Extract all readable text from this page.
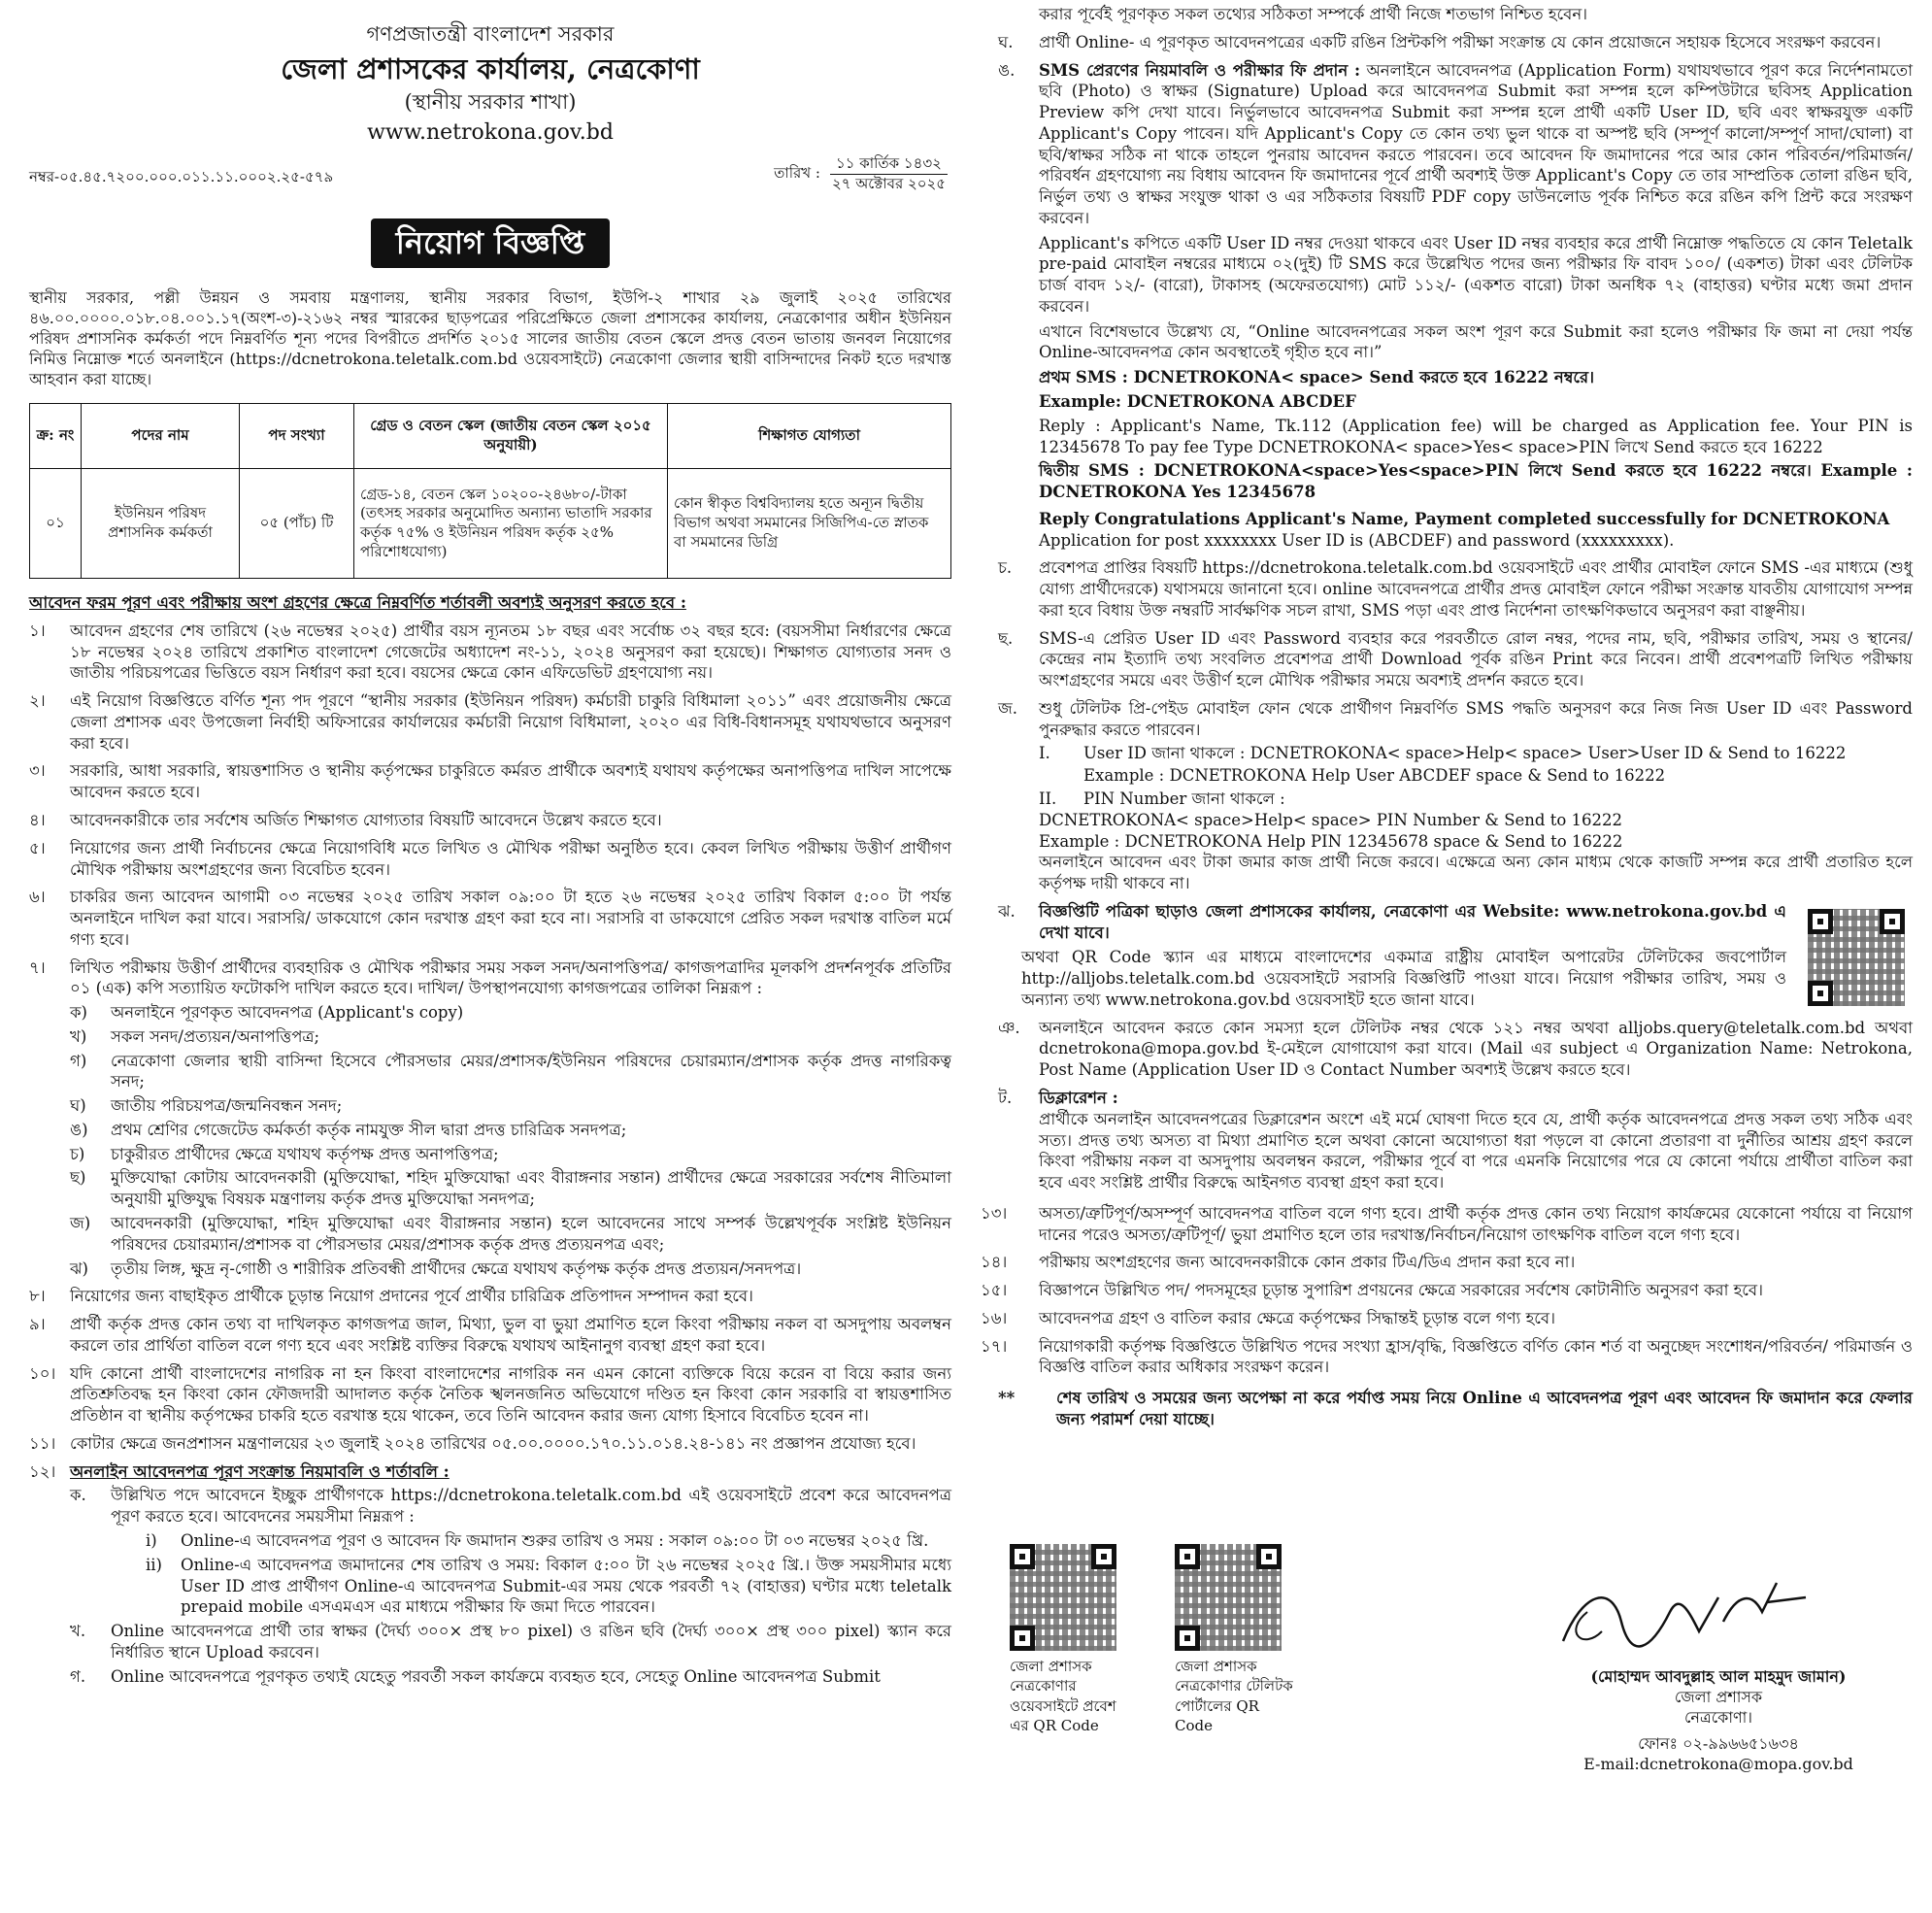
গণপ্রজাতন্ত্রী বাংলাদেশ সরকার
জেলা প্রশাসকের কার্যালয়, নেত্রকোণা
(স্থানীয় সরকার শাখা)
www.netrokona.gov.bd
নম্বর-০৫.৪৫.৭২০০.০০০.০১১.১১.০০০২.২৫-৫৭৯	তারিখ :
১১ কার্তিক ১৪৩২
২৭ অক্টোবর ২০২৫
নিয়োগ বিজ্ঞপ্তি

স্থানীয় সরকার, পল্লী উন্নয়ন ও সমবায় মন্ত্রণালয়, স্থানীয় সরকার বিভাগ, ইউপি-২ শাখার ২৯ জুলাই ২০২৫ তারিখের ৪৬.০০.০০০০.০১৮.০৪.০০১.১৭(অংশ-৩)-২১৬২ নম্বর স্মারকের ছাড়পত্রের পরিপ্রেক্ষিতে জেলা প্রশাসকের কার্যালয়, নেত্রকোণার অধীন ইউনিয়ন পরিষদ প্রশাসনিক কর্মকর্তা পদে নিম্নবর্ণিত শূন্য পদের বিপরীতে প্রদর্শিত ২০১৫ সালের জাতীয় বেতন স্কেলে প্রদত্ত বেতন ভাতায় জনবল নিয়োগের নিমিত্ত নিম্নোক্ত শর্তে অনলাইনে (https://dcnetrokona.teletalk.com.bd ওয়েবসাইটে) নেত্রকোণা জেলার স্থায়ী বাসিন্দাদের নিকট হতে দরখাস্ত আহবান করা যাচ্ছে।

ক্র: নং	পদের নাম	পদ সংখ্যা	গ্রেড ও বেতন স্কেল (জাতীয় বেতন স্কেল ২০১৫ অনুযায়ী)	শিক্ষাগত যোগ্যতা
০১	ইউনিয়ন পরিষদ প্রশাসনিক কর্মকর্তা	০৫ (পাঁচ) টি	গ্রেড-১৪, বেতন স্কেল ১০২০০-২৪৬৮০/-টাকা (তৎসহ সরকার অনুমোদিত অন্যান্য ভাতাদি সরকার কর্তৃক ৭৫% ও ইউনিয়ন পরিষদ কর্তৃক ২৫% পরিশোধযোগ্য)	কোন স্বীকৃত বিশ্ববিদ্যালয় হতে অন্যূন দ্বিতীয় বিভাগ অথবা সমমানের সিজিপিএ-তে স্নাতক বা সমমানের ডিগ্রি
আবেদন ফরম পূরণ এবং পরীক্ষায় অংশ গ্রহণের ক্ষেত্রে নিম্নবর্ণিত শর্তাবলী অবশ্যই অনুসরণ করতে হবে :
১।	আবেদন গ্রহণের শেষ তারিখে (২৬ নভেম্বর ২০২৫) প্রার্থীর বয়স ন্যূনতম ১৮ বছর এবং সর্বোচ্চ ৩২ বছর হবে: (বয়সসীমা নির্ধারণের ক্ষেত্রে ১৮ নভেম্বর ২০২৪ তারিখে প্রকাশিত বাংলাদেশ গেজেটের অধ্যাদেশ নং-১১, ২০২৪ অনুসরণ করা হয়েছে)। শিক্ষাগত যোগ্যতার সনদ ও জাতীয় পরিচয়পত্রের ভিত্তিতে বয়স নির্ধারণ করা হবে। বয়সের ক্ষেত্রে কোন এফিডেভিট গ্রহণযোগ্য নয়।
২।	এই নিয়োগ বিজ্ঞপ্তিতে বর্ণিত শূন্য পদ পূরণে “স্থানীয় সরকার (ইউনিয়ন পরিষদ) কর্মচারী চাকুরি বিধিমালা ২০১১” এবং প্রয়োজনীয় ক্ষেত্রে জেলা প্রশাসক এবং উপজেলা নির্বাহী অফিসারের কার্যালয়ের কর্মচারী নিয়োগ বিধিমালা, ২০২০ এর বিধি-বিধানসমূহ যথাযথভাবে অনুসরণ করা হবে।
৩।	সরকারি, আধা সরকারি, স্বায়ত্তশাসিত ও স্থানীয় কর্তৃপক্ষের চাকুরিতে কর্মরত প্রার্থীকে অবশ্যই যথাযথ কর্তৃপক্ষের অনাপত্তিপত্র দাখিল সাপেক্ষে আবেদন করতে হবে।
৪।	আবেদনকারীকে তার সর্বশেষ অর্জিত শিক্ষাগত যোগ্যতার বিষয়টি আবেদনে উল্লেখ করতে হবে।
৫।	নিয়োগের জন্য প্রার্থী নির্বাচনের ক্ষেত্রে নিয়োগবিধি মতে লিখিত ও মৌখিক পরীক্ষা অনুষ্ঠিত হবে। কেবল লিখিত পরীক্ষায় উত্তীর্ণ প্রার্থীগণ মৌখিক পরীক্ষায় অংশগ্রহণের জন্য বিবেচিত হবেন।
৬।	চাকরির জন্য আবেদন আগামী ০৩ নভেম্বর ২০২৫ তারিখ সকাল ০৯:০০ টা হতে ২৬ নভেম্বর ২০২৫ তারিখ বিকাল ৫:০০ টা পর্যন্ত অনলাইনে দাখিল করা যাবে। সরাসরি/ ডাকযোগে কোন দরখাস্ত গ্রহণ করা হবে না। সরাসরি বা ডাকযোগে প্রেরিত সকল দরখাস্ত বাতিল মর্মে গণ্য হবে।
৭।	লিখিত পরীক্ষায় উত্তীর্ণ প্রার্থীদের ব্যবহারিক ও মৌখিক পরীক্ষার সময় সকল সনদ/অনাপত্তিপত্র/ কাগজপত্রাদির মূলকপি প্রদর্শনপূর্বক প্রতিটির ০১ (এক) কপি সত্যায়িত ফটোকপি দাখিল করতে হবে। দাখিল/ উপস্থাপনযোগ্য কাগজপত্রের তালিকা নিম্নরূপ :
ক)	অনলাইনে পূরণকৃত আবেদনপত্র (Applicant's copy)
খ)	সকল সনদ/প্রত্যয়ন/অনাপত্তিপত্র;
গ)	নেত্রকোণা জেলার স্থায়ী বাসিন্দা হিসেবে পৌরসভার মেয়র/প্রশাসক/ইউনিয়ন পরিষদের চেয়ারম্যান/প্রশাসক কর্তৃক প্রদত্ত নাগরিকত্ব সনদ;
ঘ)	জাতীয় পরিচয়পত্র/জন্মনিবন্ধন সনদ;
ঙ)	প্রথম শ্রেণির গেজেটেড কর্মকর্তা কর্তৃক নামযুক্ত সীল দ্বারা প্রদত্ত চারিত্রিক সনদপত্র;
চ)	চাকুরীরত প্রার্থীদের ক্ষেত্রে যথাযথ কর্তৃপক্ষ প্রদত্ত অনাপত্তিপত্র;
ছ)	মুক্তিযোদ্ধা কোটায় আবেদনকারী (মুক্তিযোদ্ধা, শহিদ মুক্তিযোদ্ধা এবং বীরাঙ্গনার সন্তান) প্রার্থীদের ক্ষেত্রে সরকারের সর্বশেষ নীতিমালা অনুযায়ী মুক্তিযুদ্ধ বিষয়ক মন্ত্রণালয় কর্তৃক প্রদত্ত মুক্তিযোদ্ধা সনদপত্র;
জ)	আবেদনকারী (মুক্তিযোদ্ধা, শহিদ মুক্তিযোদ্ধা এবং বীরাঙ্গনার সন্তান) হলে আবেদনের সাথে সম্পর্ক উল্লেখপূর্বক সংশ্লিষ্ট ইউনিয়ন পরিষদের চেয়ারম্যান/প্রশাসক বা পৌরসভার মেয়র/প্রশাসক কর্তৃক প্রদত্ত প্রত্যয়নপত্র এবং;
ঝ)	তৃতীয় লিঙ্গ, ক্ষুদ্র নৃ-গোষ্ঠী ও শারীরিক প্রতিবন্ধী প্রার্থীদের ক্ষেত্রে যথাযথ কর্তৃপক্ষ কর্তৃক প্রদত্ত প্রত্যয়ন/সনদপত্র।
৮।	নিয়োগের জন্য বাছাইকৃত প্রার্থীকে চূড়ান্ত নিয়োগ প্রদানের পূর্বে প্রার্থীর চারিত্রিক প্রতিপাদন সম্পাদন করা হবে।
৯।	প্রার্থী কর্তৃক প্রদত্ত কোন তথ্য বা দাখিলকৃত কাগজপত্র জাল, মিথ্যা, ভুল বা ভুয়া প্রমাণিত হলে কিংবা পরীক্ষায় নকল বা অসদুপায় অবলম্বন করলে তার প্রার্থিতা বাতিল বলে গণ্য হবে এবং সংশ্লিষ্ট ব্যক্তির বিরুদ্ধে যথাযথ আইনানুগ ব্যবস্থা গ্রহণ করা হবে।
১০। যদি কোনো প্রার্থী বাংলাদেশের নাগরিক না হন কিংবা বাংলাদেশের নাগরিক নন এমন কোনো ব্যক্তিকে বিয়ে করেন বা বিয়ে করার জন্য প্রতিশ্রুতিবদ্ধ হন কিংবা কোন ফৌজদারী আদালত কর্তৃক নৈতিক স্খলনজনিত অভিযোগে দণ্ডিত হন কিংবা কোন সরকারি বা স্বায়ত্তশাসিত প্রতিষ্ঠান বা স্থানীয় কর্তৃপক্ষের চাকরি হতে বরখাস্ত হয়ে থাকেন, তবে তিনি আবেদন করার জন্য যোগ্য হিসাবে বিবেচিত হবেন না।
১১। কোটার ক্ষেত্রে জনপ্রশাসন মন্ত্রণালয়ের ২৩ জুলাই ২০২৪ তারিখের ০৫.০০.০০০০.১৭০.১১.০১৪.২৪-১৪১ নং প্রজ্ঞাপন প্রযোজ্য হবে।
১২। অনলাইন আবেদনপত্র পূরণ সংক্রান্ত নিয়মাবলি ও শর্তাবলি :
ক.	উল্লিখিত পদে আবেদনে ইচ্ছুক প্রার্থীগণকে https://dcnetrokona.teletalk.com.bd এই ওয়েবসাইটে প্রবেশ করে আবেদনপত্র পূরণ করতে হবে। আবেদনের সময়সীমা নিম্নরূপ :
i)	Online-এ আবেদনপত্র পূরণ ও আবেদন ফি জমাদান শুরুর তারিখ ও সময় : সকাল ০৯:০০ টা ০৩ নভেম্বর ২০২৫ খ্রি.
ii)	Online-এ আবেদনপত্র জমাদানের শেষ তারিখ ও সময়: বিকাল ৫:০০ টা ২৬ নভেম্বর ২০২৫ খ্রি.। উক্ত সময়সীমার মধ্যে User ID প্রাপ্ত প্রার্থীগণ Online-এ আবেদনপত্র Submit-এর সময় থেকে পরবর্তী ৭২ (বাহাত্তর) ঘণ্টার মধ্যে teletalk prepaid mobile এসএমএস এর মাধ্যমে পরীক্ষার ফি জমা দিতে পারবেন।
খ.	Online আবেদনপত্রে প্রার্থী তার স্বাক্ষর (দৈর্ঘ্য ৩০০× প্রস্থ ৮০ pixel) ও রঙিন ছবি (দৈর্ঘ্য ৩০০× প্রস্থ ৩০০ pixel) স্ক্যান করে নির্ধারিত স্থানে Upload করবেন।
গ.	Online আবেদনপত্রে পূরণকৃত তথ্যই যেহেতু পরবর্তী সকল কার্যক্রমে ব্যবহৃত হবে, সেহেতু Online আবেদনপত্র Submit
করার পূর্বেই পূরণকৃত সকল তথ্যের সঠিকতা সম্পর্কে প্রার্থী নিজে শতভাগ নিশ্চিত হবেন।
ঘ.	প্রার্থী Online- এ পূরণকৃত আবেদনপত্রের একটি রঙিন প্রিন্টকপি পরীক্ষা সংক্রান্ত যে কোন প্রয়োজনে সহায়ক হিসেবে সংরক্ষণ করবেন।
ঙ.	SMS প্রেরণের নিয়মাবলি ও পরীক্ষার ফি প্রদান : অনলাইনে আবেদনপত্র (Application Form) যথাযথভাবে পূরণ করে নির্দেশনামতো ছবি (Photo) ও স্বাক্ষর (Signature) Upload করে আবেদনপত্র Submit করা সম্পন্ন হলে কম্পিউটারে ছবিসহ Application Preview কপি দেখা যাবে। নির্ভুলভাবে আবেদনপত্র Submit করা সম্পন্ন হলে প্রার্থী একটি User ID, ছবি এবং স্বাক্ষরযুক্ত একটি Applicant's Copy পাবেন। যদি Applicant's Copy তে কোন তথ্য ভুল থাকে বা অস্পষ্ট ছবি (সম্পূর্ণ কালো/সম্পূর্ণ সাদা/ঘোলা) বা ছবি/স্বাক্ষর সঠিক না থাকে তাহলে পুনরায় আবেদন করতে পারবেন। তবে আবেদন ফি জমাদানের পরে আর কোন পরিবর্তন/পরিমার্জন/পরিবর্ধন গ্রহণযোগ্য নয় বিধায় আবেদন ফি জমাদানের পূর্বে প্রার্থী অবশ্যই উক্ত Applicant's Copy তে তার সাম্প্রতিক তোলা রঙিন ছবি, নির্ভুল তথ্য ও স্বাক্ষর সংযুক্ত থাকা ও এর সঠিকতার বিষয়টি PDF copy ডাউনলোড পূর্বক নিশ্চিত করে রঙিন কপি প্রিন্ট করে সংরক্ষণ করবেন।
Applicant's কপিতে একটি User ID নম্বর দেওয়া থাকবে এবং User ID নম্বর ব্যবহার করে প্রার্থী নিম্নোক্ত পদ্ধতিতে যে কোন Teletalk pre-paid মোবাইল নম্বরের মাধ্যমে ০২(দুই) টি SMS করে উল্লেখিত পদের জন্য পরীক্ষার ফি বাবদ ১০০/ (একশত) টাকা এবং টেলিটক চার্জ বাবদ ১২/- (বারো), টাকাসহ (অফেরতযোগ্য) মোট ১১২/- (একশত বারো) টাকা অনধিক ৭২ (বাহাত্তর) ঘণ্টার মধ্যে জমা প্রদান করবেন।
এখানে বিশেষভাবে উল্লেখ্য যে, “Online আবেদনপত্রের সকল অংশ পূরণ করে Submit করা হলেও পরীক্ষার ফি জমা না দেয়া পর্যন্ত Online-আবেদনপত্র কোন অবস্থাতেই গৃহীত হবে না।”
প্রথম SMS : DCNETROKONA< space> Send করতে হবে 16222 নম্বরে।
Example: DCNETROKONA ABCDEF
Reply : Applicant's Name, Tk.112 (Application fee) will be charged as Application fee. Your PIN is 12345678 To pay fee Type DCNETROKONA< space>Yes< space>PIN লিখে Send করতে হবে 16222
দ্বিতীয় SMS : DCNETROKONA<space>Yes<space>PIN লিখে Send করতে হবে 16222 নম্বরে। Example : DCNETROKONA Yes 12345678
Reply Congratulations Applicant's Name, Payment completed successfully for DCNETROKONA
Application for post xxxxxxxx User ID is (ABCDEF) and password (xxxxxxxxx).
চ.	প্রবেশপত্র প্রাপ্তির বিষয়টি https://dcnetrokona.teletalk.com.bd ওয়েবসাইটে এবং প্রার্থীর মোবাইল ফোনে SMS -এর মাধ্যমে (শুধু যোগ্য প্রার্থীদেরকে) যথাসময়ে জানানো হবে। online আবেদনপত্রে প্রার্থীর প্রদত্ত মোবাইল ফোনে পরীক্ষা সংক্রান্ত যাবতীয় যোগাযোগ সম্পন্ন করা হবে বিধায় উক্ত নম্বরটি সার্বক্ষণিক সচল রাখা, SMS পড়া এবং প্রাপ্ত নির্দেশনা তাৎক্ষণিকভাবে অনুসরণ করা বাঞ্ছনীয়।
ছ.	SMS-এ প্রেরিত User ID এবং Password ব্যবহার করে পরবর্তীতে রোল নম্বর, পদের নাম, ছবি, পরীক্ষার তারিখ, সময় ও স্থানের/কেন্দ্রের নাম ইত্যাদি তথ্য সংবলিত প্রবেশপত্র প্রার্থী Download পূর্বক রঙিন Print করে নিবেন। প্রার্থী প্রবেশপত্রটি লিখিত পরীক্ষায় অংশগ্রহণের সময়ে এবং উত্তীর্ণ হলে মৌখিক পরীক্ষার সময়ে অবশ্যই প্রদর্শন করতে হবে।
জ.	শুধু টেলিটক প্রি-পেইড মোবাইল ফোন থেকে প্রার্থীগণ নিম্নবর্ণিত SMS পদ্ধতি অনুসরণ করে নিজ নিজ User ID এবং Password পুনরুদ্ধার করতে পারবেন।
I.	User ID জানা থাকলে : DCNETROKONA< space>Help< space> User>User ID & Send to 16222
Example : DCNETROKONA Help User ABCDEF space & Send to 16222
II.	PIN Number জানা থাকলে :
DCNETROKONA< space>Help< space> PIN Number & Send to 16222
Example : DCNETROKONA Help PIN 12345678 space & Send to 16222
অনলাইনে আবেদন এবং টাকা জমার কাজ প্রার্থী নিজে করবে। এক্ষেত্রে অন্য কোন মাধ্যম থেকে কাজটি সম্পন্ন করে প্রার্থী প্রতারিত হলে কর্তৃপক্ষ দায়ী থাকবে না।
ঝ.	বিজ্ঞপ্তিটি পত্রিকা ছাড়াও জেলা প্রশাসকের কার্যালয়, নেত্রকোণা এর Website: www.netrokona.gov.bd এ দেখা যাবে।
অথবা QR Code স্ক্যান এর মাধ্যমে বাংলাদেশের একমাত্র রাষ্ট্রীয় মোবাইল অপারেটর টেলিটকের জবপোর্টাল http://alljobs.teletalk.com.bd ওয়েবসাইটে সরাসরি বিজ্ঞপ্তিটি পাওয়া যাবে। নিয়োগ পরীক্ষার তারিখ, সময় ও অন্যান্য তথ্য www.netrokona.gov.bd ওয়েবসাইট হতে জানা যাবে।
ঞ.	অনলাইনে আবেদন করতে কোন সমস্যা হলে টেলিটক নম্বর থেকে ১২১ নম্বর অথবা alljobs.query@teletalk.com.bd অথবা dcnetrokona@mopa.gov.bd ই-মেইলে যোগাযোগ করা যাবে। (Mail এর subject এ Organization Name: Netrokona, Post Name (Application User ID ও Contact Number অবশ্যই উল্লেখ করতে হবে।
ট.	ডিক্লারেশন :
প্রার্থীকে অনলাইন আবেদনপত্রের ডিক্লারেশন অংশে এই মর্মে ঘোষণা দিতে হবে যে, প্রার্থী কর্তৃক আবেদনপত্রে প্রদত্ত সকল তথ্য সঠিক এবং সত্য। প্রদত্ত তথ্য অসত্য বা মিথ্যা প্রমাণিত হলে অথবা কোনো অযোগ্যতা ধরা পড়লে বা কোনো প্রতারণা বা দুর্নীতির আশ্রয় গ্রহণ করলে কিংবা পরীক্ষায় নকল বা অসদুপায় অবলম্বন করলে, পরীক্ষার পূর্বে বা পরে এমনকি নিয়োগের পরে যে কোনো পর্যায়ে প্রার্থীতা বাতিল করা হবে এবং সংশ্লিষ্ট প্রার্থীর বিরুদ্ধে আইনগত ব্যবস্থা গ্রহণ করা হবে।
১৩।	অসত্য/ত্রুটিপূর্ণ/অসম্পূর্ণ আবেদনপত্র বাতিল বলে গণ্য হবে। প্রার্থী কর্তৃক প্রদত্ত কোন তথ্য নিয়োগ কার্যক্রমের যেকোনো পর্যায়ে বা নিয়োগ দানের পরেও অসত্য/ত্রুটিপূর্ণ/ ভুয়া প্রমাণিত হলে তার দরখাস্ত/নির্বাচন/নিয়োগ তাৎক্ষণিক বাতিল বলে গণ্য হবে।
১৪।	পরীক্ষায় অংশগ্রহণের জন্য আবেদনকারীকে কোন প্রকার টিএ/ডিএ প্রদান করা হবে না।
১৫।	বিজ্ঞাপনে উল্লিখিত পদ/ পদসমূহের চূড়ান্ত সুপারিশ প্রণয়নের ক্ষেত্রে সরকারের সর্বশেষ কোটানীতি অনুসরণ করা হবে।
১৬।	আবেদনপত্র গ্রহণ ও বাতিল করার ক্ষেত্রে কর্তৃপক্ষের সিদ্ধান্তই চূড়ান্ত বলে গণ্য হবে।
১৭।	নিয়োগকারী কর্তৃপক্ষ বিজ্ঞপ্তিতে উল্লিখিত পদের সংখ্যা হ্রাস/বৃদ্ধি, বিজ্ঞপ্তিতে বর্ণিত কোন শর্ত বা অনুচ্ছেদ সংশোধন/পরিবর্তন/ পরিমার্জন ও বিজ্ঞপ্তি বাতিল করার অধিকার সংরক্ষণ করেন।
**	শেষ তারিখ ও সময়ের জন্য অপেক্ষা না করে পর্যাপ্ত সময় নিয়ে Online এ আবেদনপত্র পূরণ এবং আবেদন ফি জমাদান করে ফেলার জন্য পরামর্শ দেয়া যাচ্ছে।
জেলা প্রশাসক নেত্রকোণার ওয়েবসাইটে প্রবেশ এর QR Code
জেলা প্রশাসক নেত্রকোণার টেলিটক পোর্টালের QR Code
(মোহাম্মদ আবদুল্লাহ আল মাহমুদ জামান)
জেলা প্রশাসক
নেত্রকোণা।
ফোনঃ ০২-৯৯৬৬৫১৬৩৪
E-mail:dcnetrokona@mopa.gov.bd
